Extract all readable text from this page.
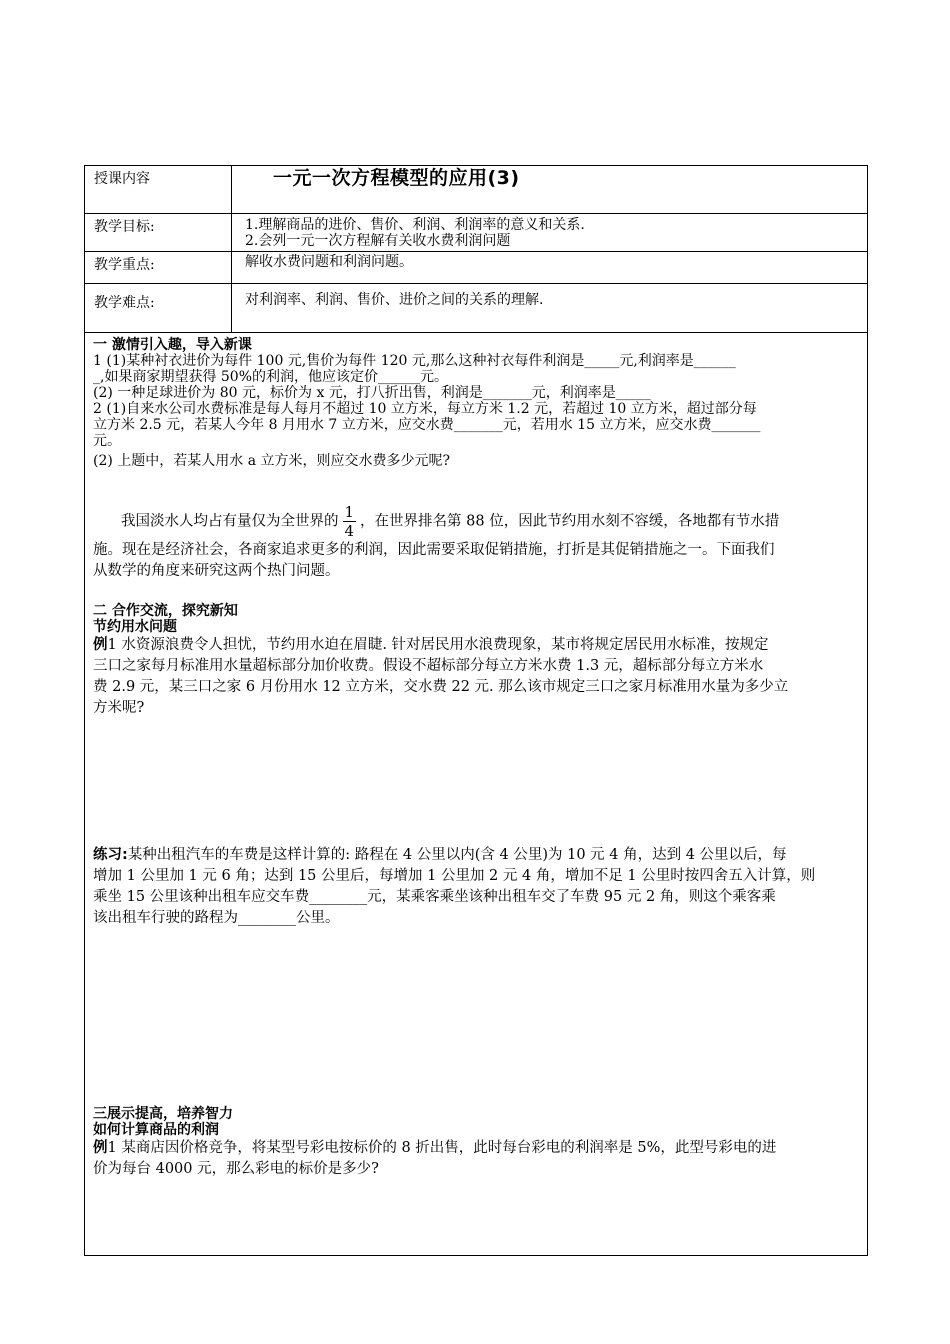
授课内容	一元一次方程模型的应用(3)
教学目标:	1.理解商品的进价、售价、利润、利润率的意义和关系.
2.会列一元一次方程解有关收水费利润问题
教学重点:	解收水费问题和利润问题。
教学难点:	对利润率、利润、售价、进价之间的关系的理解.
一 激情引入趣，导入新课
1 (1)某种衬衣进价为每件 100 元,售价为每件 120 元,那么这种衬衣每件利润是_____元,利润率是______
_,如果商家期望获得 50%的利润，他应该定价______元。
(2) 一种足球进价为 80 元，标价为 x 元，打八折出售，利润是_______元，利润率是_____
2 (1)自来水公司水费标准是每人每月不超过 10 立方米，每立方米 1.2 元，若超过 10 立方米，超过部分每
立方米 2.5 元，若某人今年 8 月用水 7 立方米，应交水费_______元，若用水 15 立方米，应交水费_______
元。
(2) 上题中，若某人用水 a 立方米，则应交水费多少元呢?
我国淡水人均占有量仅为全世界的 $\frac{1}{4}$ ，在世界排名第 88 位，因此节约用水刻不容缓，各地都有节水措
施。现在是经济社会，各商家追求更多的利润，因此需要采取促销措施，打折是其促销措施之一。下面我们
从数学的角度来研究这两个热门问题。
二 合作交流，探究新知
节约用水问题
例1 水资源浪费令人担忧，节约用水迫在眉睫. 针对居民用水浪费现象，某市将规定居民用水标准，按规定
三口之家每月标准用水量超标部分加价收费。假设不超标部分每立方米水费 1.3 元，超标部分每立方米水
费 2.9 元，某三口之家 6 月份用水 12 立方米，交水费 22 元. 那么该市规定三口之家月标准用水量为多少立
方米呢?
练习:某种出租汽车的车费是这样计算的: 路程在 4 公里以内(含 4 公里)为 10 元 4 角，达到 4 公里以后，每
增加 1 公里加 1 元 6 角；达到 15 公里后，每增加 1 公里加 2 元 4 角，增加不足 1 公里时按四舍五入计算，则
乘坐 15 公里该种出租车应交车费________元，某乘客乘坐该种出租车交了车费 95 元 2 角，则这个乘客乘
该出租车行驶的路程为________公里。
三展示提高，培养智力
如何计算商品的利润
例1 某商店因价格竞争，将某型号彩电按标价的 8 折出售，此时每台彩电的利润率是 5%，此型号彩电的进
价为每台 4000 元，那么彩电的标价是多少?
